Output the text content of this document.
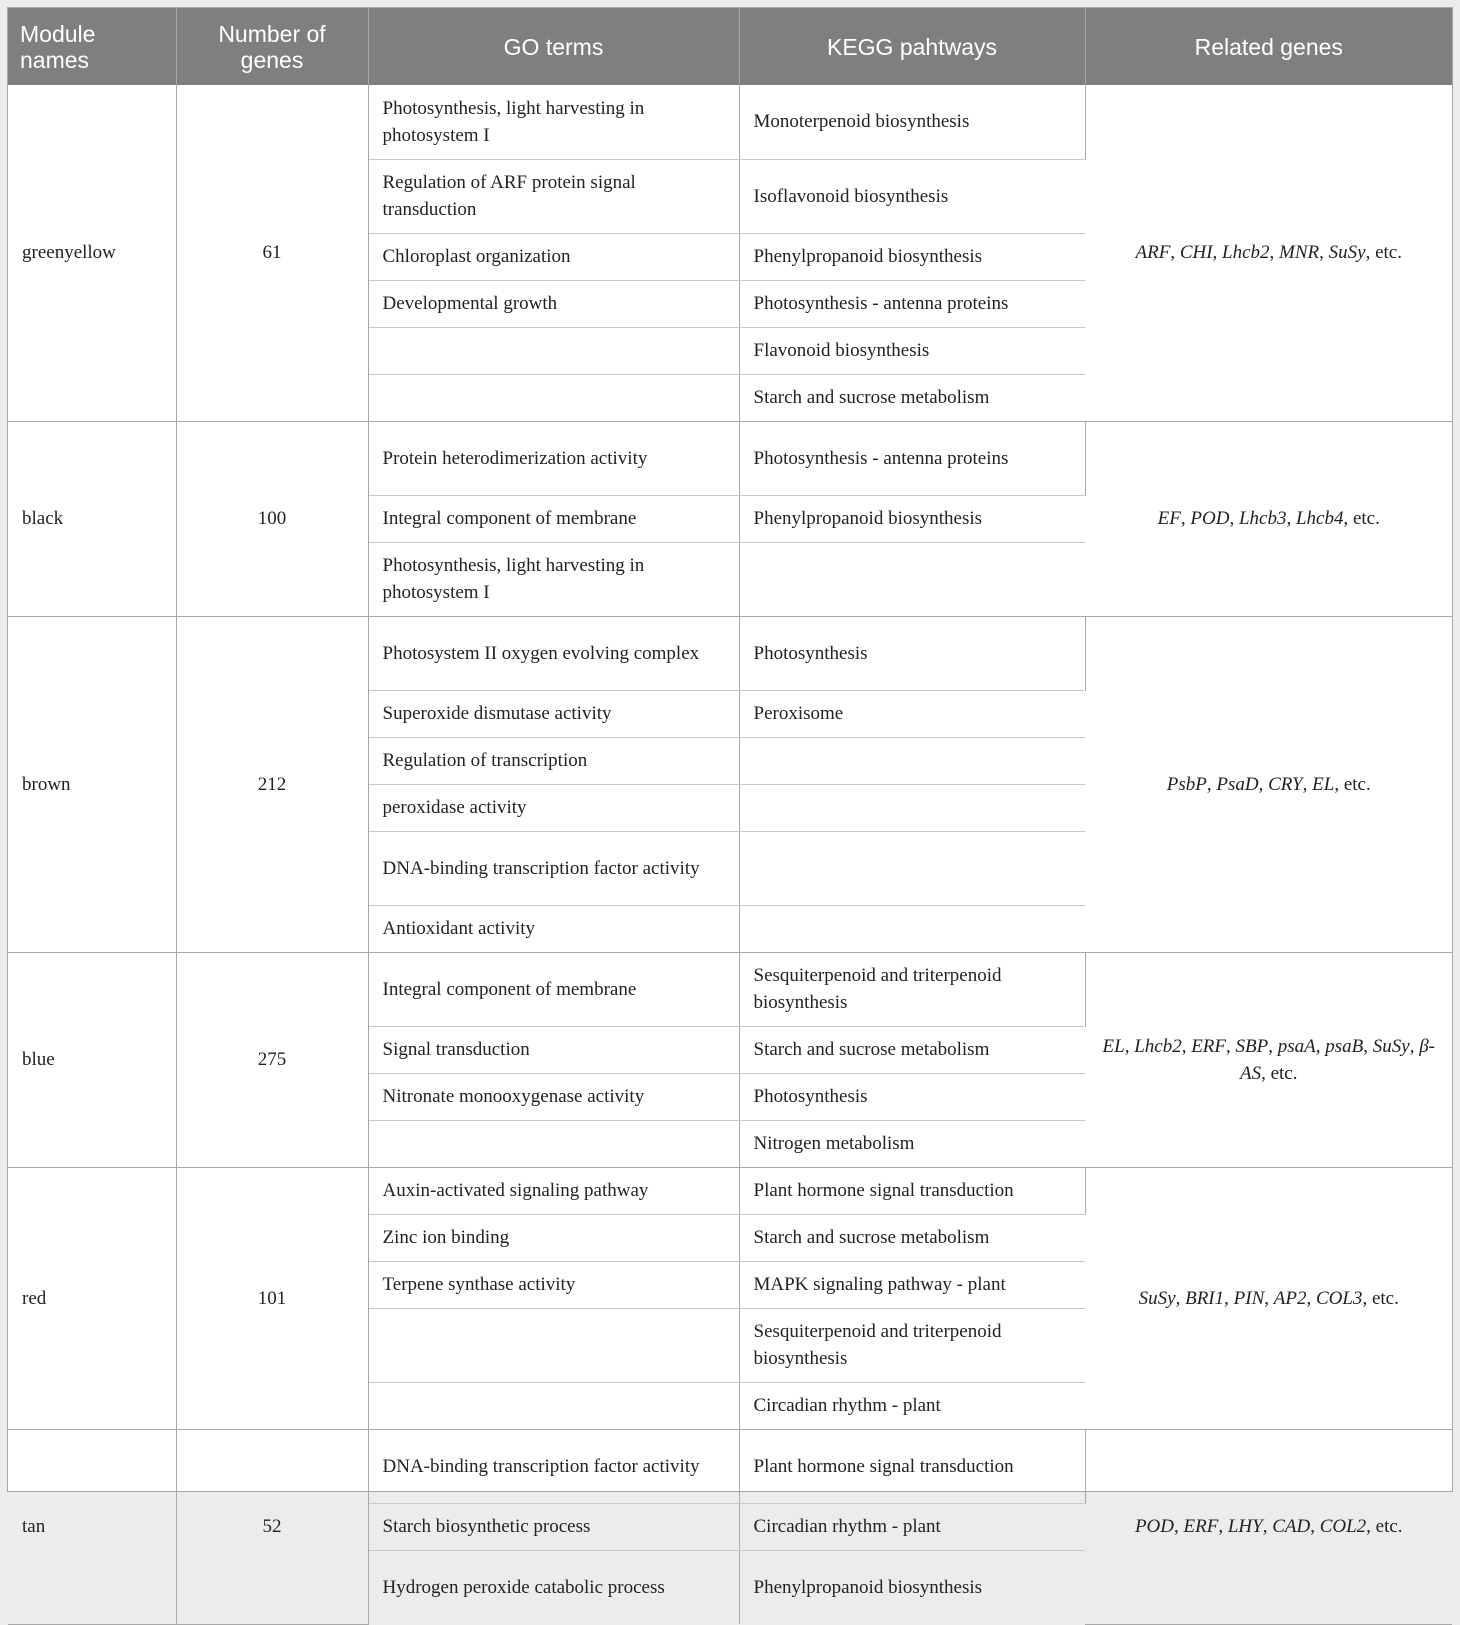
Module names	Number of genes	GO terms	KEGG pahtways	Related genes
greenyellow	61	Photosynthesis, light harvesting in photosystem I	Monoterpenoid biosynthesis	ARF, CHI, Lhcb2, MNR, SuSy, etc.
		Regulation of ARF protein signal transduction	Isoflavonoid biosynthesis	
		Chloroplast organization	Phenylpropanoid biosynthesis	
		Developmental growth	Photosynthesis - antenna proteins	
			Flavonoid biosynthesis	
			Starch and sucrose metabolism	
black	100	Protein heterodimerization activity	Photosynthesis - antenna proteins	EF, POD, Lhcb3, Lhcb4, etc.
		Integral component of membrane	Phenylpropanoid biosynthesis	
		Photosynthesis, light harvesting in photosystem I		
brown	212	Photosystem II oxygen evolving complex	Photosynthesis	PsbP, PsaD, CRY, EL, etc.
		Superoxide dismutase activity	Peroxisome	
		Regulation of transcription		
		peroxidase activity		
		DNA-binding transcription factor activity		
		Antioxidant activity		
blue	275	Integral component of membrane	Sesquiterpenoid and triterpenoid biosynthesis	EL, Lhcb2, ERF, SBP, psaA, psaB, SuSy, β-AS, etc.
		Signal transduction	Starch and sucrose metabolism	
		Nitronate monooxygenase activity	Photosynthesis	
			Nitrogen metabolism	
red	101	Auxin-activated signaling pathway	Plant hormone signal transduction	SuSy, BRI1, PIN, AP2, COL3, etc.
		Zinc ion binding	Starch and sucrose metabolism	
		Terpene synthase activity	MAPK signaling pathway - plant	
			Sesquiterpenoid and triterpenoid biosynthesis	
			Circadian rhythm - plant	
tan	52	DNA-binding transcription factor activity	Plant hormone signal transduction	POD, ERF, LHY, CAD, COL2, etc.
		Starch biosynthetic process	Circadian rhythm - plant	
		Hydrogen peroxide catabolic process	Phenylpropanoid biosynthesis	
